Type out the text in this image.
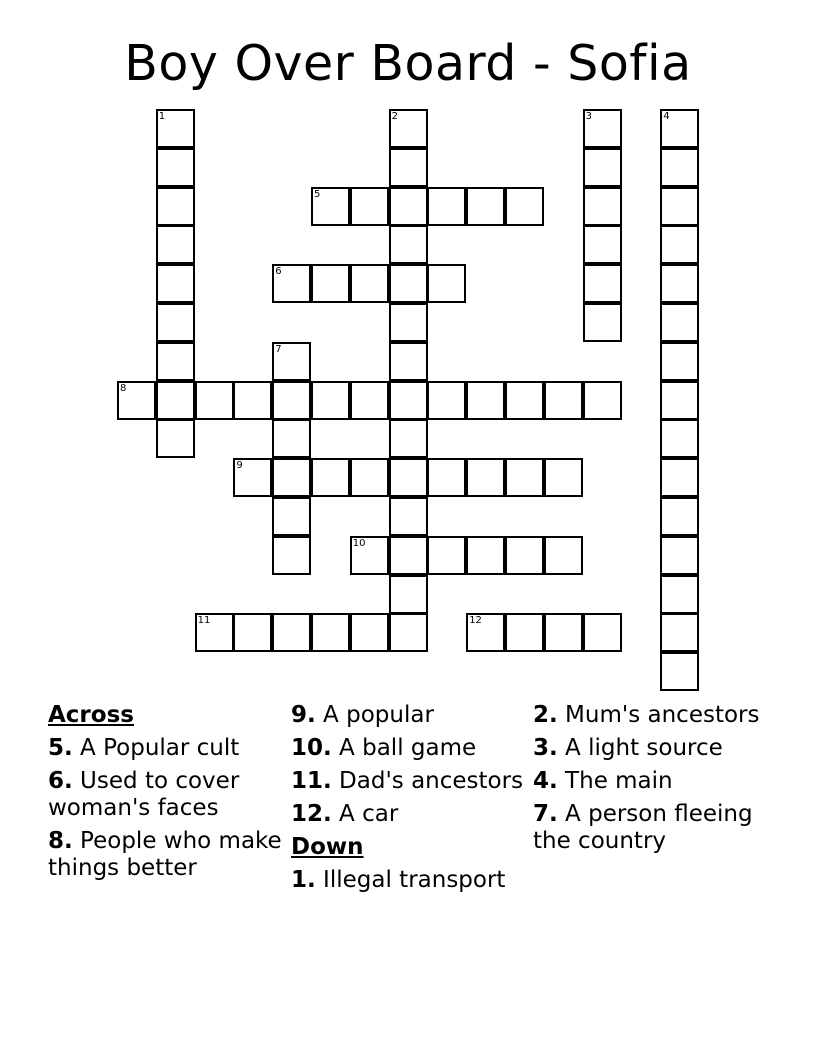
Boy Over Board - Sofia
1	2	3	4
5
6
7
8
9
10
11	12
Across
5. A Popular cult
6. Used to cover woman's faces
8. People who make things better
9. A popular
10. A ball game
11. Dad's ancestors
12. A car
Down
1. Illegal transport
2. Mum's ancestors
3. A light source
4. The main
7. A person fleeing the country
